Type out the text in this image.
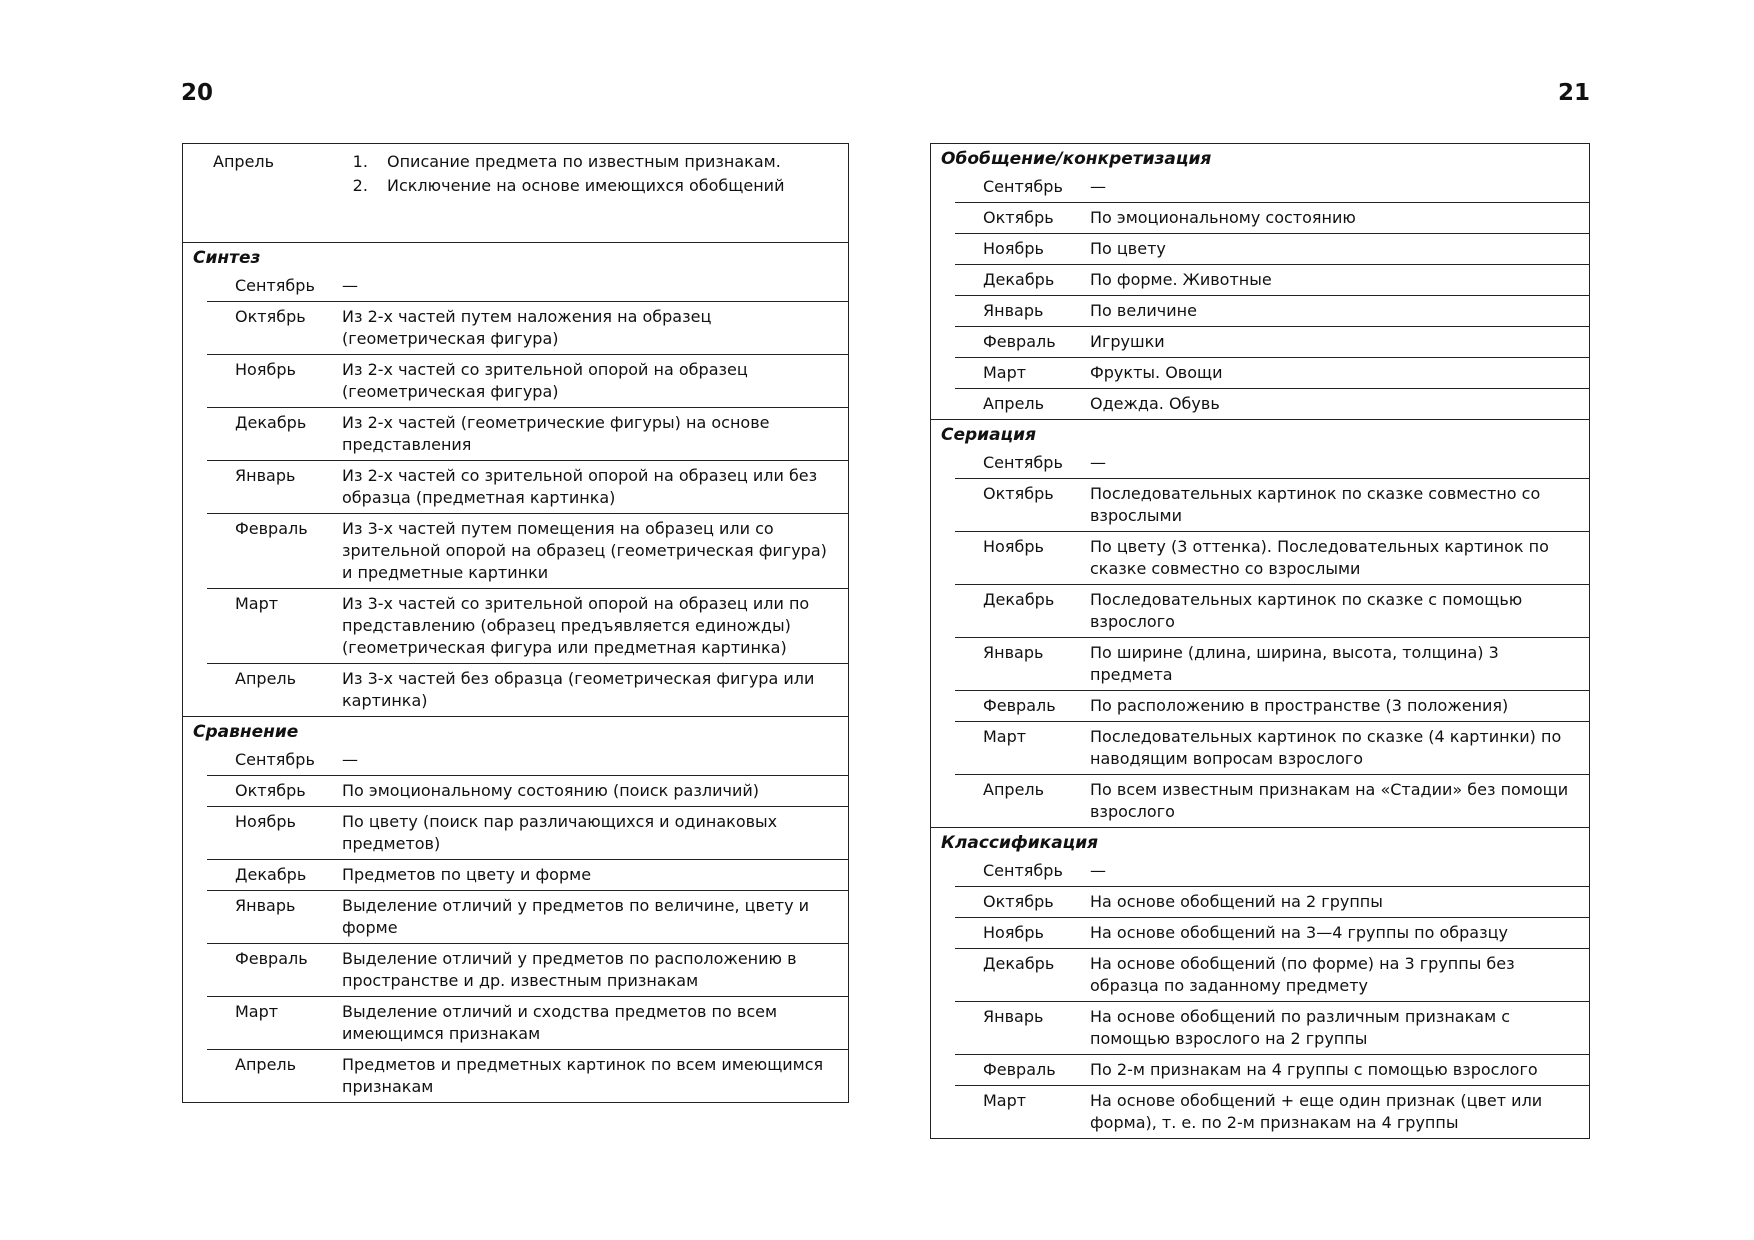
20	21
Апрель
1.	Описание предмета по известным признакам.
2. Исключение на основе имеющихся обобщений
Синтез
Сентябрь	—
Октябрь	Из 2-х частей путем наложения на образец (геометрическая фигура)
Ноябрь	Из 2-х частей со зрительной опорой на образец (геометрическая фигура)
Декабрь	Из 2-х частей (геометрические фигуры) на основе представления
Январь	Из 2-х частей со зрительной опорой на образец или без образца (предметная картинка)
Февраль	Из 3-х частей путем помещения на образец или со зрительной опорой на образец (геометрическая фигура) и предметные картинки
Март	Из 3-х частей со зрительной опорой на образец или по представлению (образец предъявляется единожды) (геометрическая фигура или предметная картинка)
Апрель	Из 3-х частей без образца (геометрическая фигура или картинка)
Сравнение
Сентябрь	—
Октябрь	По эмоциональному состоянию (поиск различий)
Ноябрь	По цвету (поиск пар различающихся и одинаковых предметов)
Декабрь	Предметов по цвету и форме
Январь	Выделение отличий у предметов по величине, цвету и форме
Февраль	Выделение отличий у предметов по расположению в пространстве и др. известным признакам
Март	Выделение отличий и сходства предметов по всем имеющимся признакам
Апрель	Предметов и предметных картинок по всем имеющимся признакам
Обобщение/конкретизация
Сентябрь	—
Октябрь	По эмоциональному состоянию
Ноябрь	По цвету
Декабрь	По форме. Животные
Январь	По величине
Февраль	Игрушки
Март	Фрукты. Овощи
Апрель	Одежда. Обувь
Сериация
Сентябрь	—
Октябрь	Последовательных картинок по сказке совместно со взрослыми
Ноябрь	По цвету (3 оттенка). Последовательных картинок по сказке совместно со взрослыми
Декабрь	Последовательных картинок по сказке с помощью взрослого
Январь	По ширине (длина, ширина, высота, толщина) 3 предмета
Февраль	По расположению в пространстве (3 положения)
Март	Последовательных картинок по сказке (4 картинки) по наводящим вопросам взрослого
Апрель	По всем известным признакам на «Стадии» без помощи взрослого
Классификация
Сентябрь	—
Октябрь	На основе обобщений на 2 группы
Ноябрь	На основе обобщений на 3—4 группы по образцу
Декабрь	На основе обобщений (по форме) на 3 группы без образца по заданному предмету
Январь	На основе обобщений по различным признакам с помощью взрослого на 2 группы
Февраль	По 2-м признакам на 4 группы с помощью взрослого
Март	На основе обобщений + еще один признак (цвет или форма), т. е. по 2-м признакам на 4 группы
